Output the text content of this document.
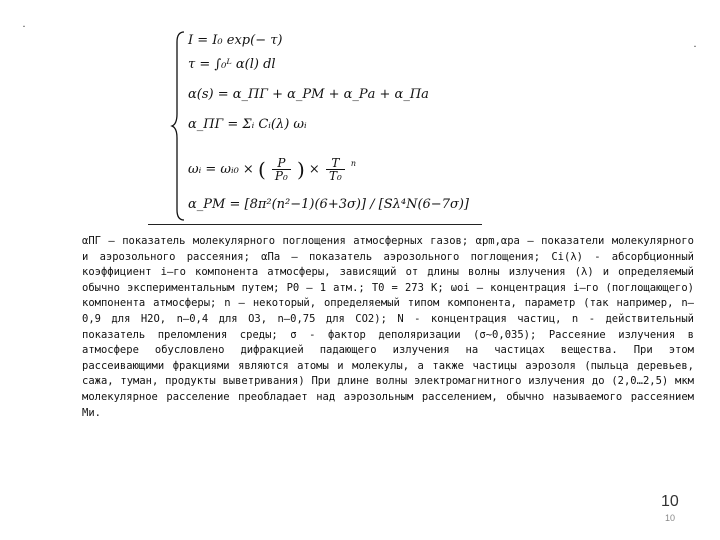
·
·
I = I₀ exp(− τ)
τ = ∫₀ᴸ α(l) dl
α(s) = α_ПГ + α_РМ + α_Ра + α_Па
α_ПГ = Σᵢ Cᵢ(λ) ωᵢ
ωᵢ = ωᵢ₀ × ( $\frac{P}{\text{P₀}}$ ) × $\frac{T}{\text{T₀}} ^n$
α_РМ = [8π²(n²−1)(6+3σ)] / [Sλ⁴N(6−7σ)]
αПГ – показатель молекулярного поглощения атмосферных газов; αрm,αрa – показатели молекулярного и аэрозольного рассеяния; αПа – показатель аэрозольного поглощения; Ci(λ) - абсорбционный коэффициент i–го компонента атмосферы, зависящий от длины волны излучения (λ) и определяемый обычно экспериментальным путем; Р0 – 1 атм.; Т0 = 273 К; ωоi – концентрация i–го (поглощающего) компонента атмосферы; n – некоторый, определяемый типом компонента, параметр (так например, n–0,9 для H2O, n–0,4 для O3, n–0,75 для CO2); N - концентрация частиц, n - действительный показатель преломления среды; σ - фактор деполяризации (σ~0,035); Рассеяние излучения в атмосфере обусловлено дифракцией падающего излучения на частицах вещества. При этом рассеивающими фракциями являются атомы и молекулы, а также частицы аэрозоля (пыльца деревьев, сажа, туман, продукты выветривания) При длине волны электромагнитного излучения до (2,0…2,5) мкм молекулярное расселение преобладает над аэрозольным расселением, обычно называемого рассеянием Ми.
10
10
